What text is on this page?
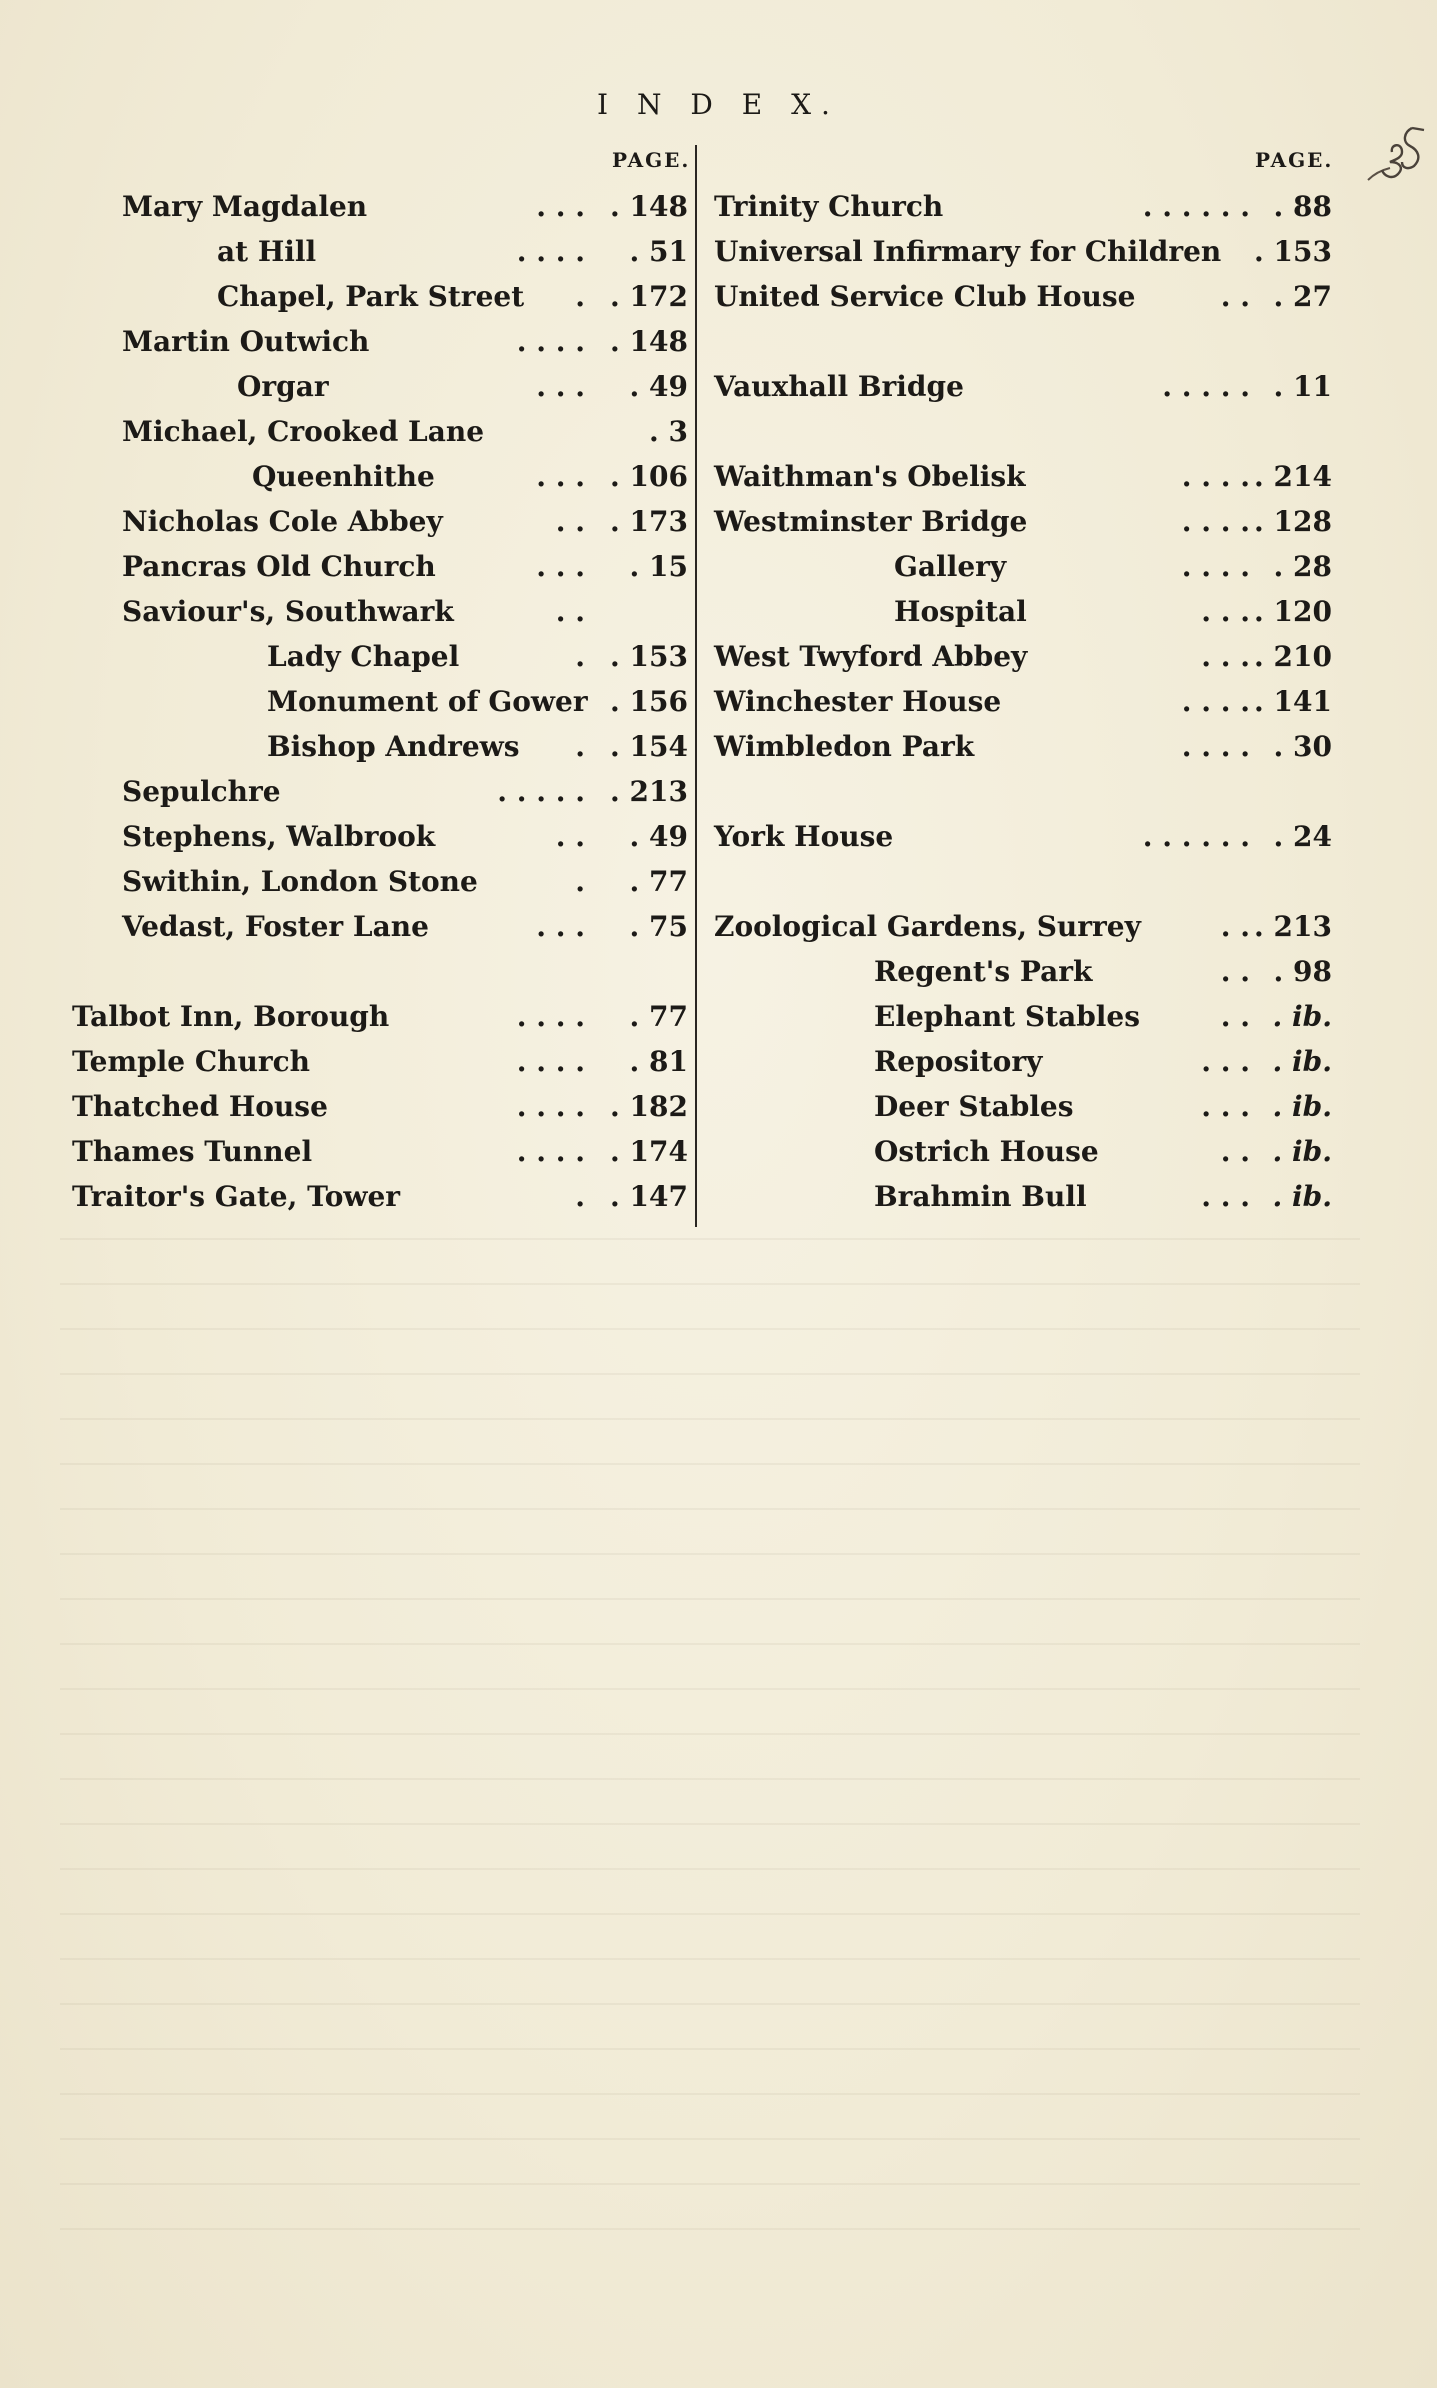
I N D E X.
PAGE.	PAGE.
Mary Magdalen	. . . . 148
at Hill	. . . . . 51
Chapel, Park Street . . 172
Martin Outwich	. . . . . 148
Orgar	. . . . 49
Michael, Crooked Lane	. 3
Queenhithe	. . . . 106
Nicholas Cole Abbey	. . . 173
Pancras Old Church	. . . . 15
Saviour's, Southwark	. .
Lady Chapel	. . 153
Monument of Gower . 156
Bishop Andrews . . 154
Sepulchre	. . . . . . 213
Stephens, Walbrook	. . . 49
Swithin, London Stone	. . 77
Vedast, Foster Lane	. . . . 75
Talbot Inn, Borough	. . . . . 77
Temple Church	. . . . . 81
Thatched House	. . . . . 182
Thames Tunnel	. . . . . 174
Traitor's Gate, Tower	. . 147
Trinity Church	. . . . . . . 88
Universal Infirmary for Children . 153
United Service Club House	. . . 27
Vauxhall Bridge	. . . . . . 11
Waithman's Obelisk	. . . . . 214
Westminster Bridge	. . . . . 128
Gallery	. . . . . 28
Hospital	. . . . 120
West Twyford Abbey	. . . . 210
Winchester House	. . . . . 141
Wimbledon Park	. . . . . 30
York House	. . . . . . . 24
Zoological Gardens, Surrey	. . . 213
Regent's Park	. . . 98
Elephant Stables	. . . ib.
Repository	. . . . ib.
Deer Stables	. . . . ib.
Ostrich House	. . . ib.
Brahmin Bull	. . . . ib.
